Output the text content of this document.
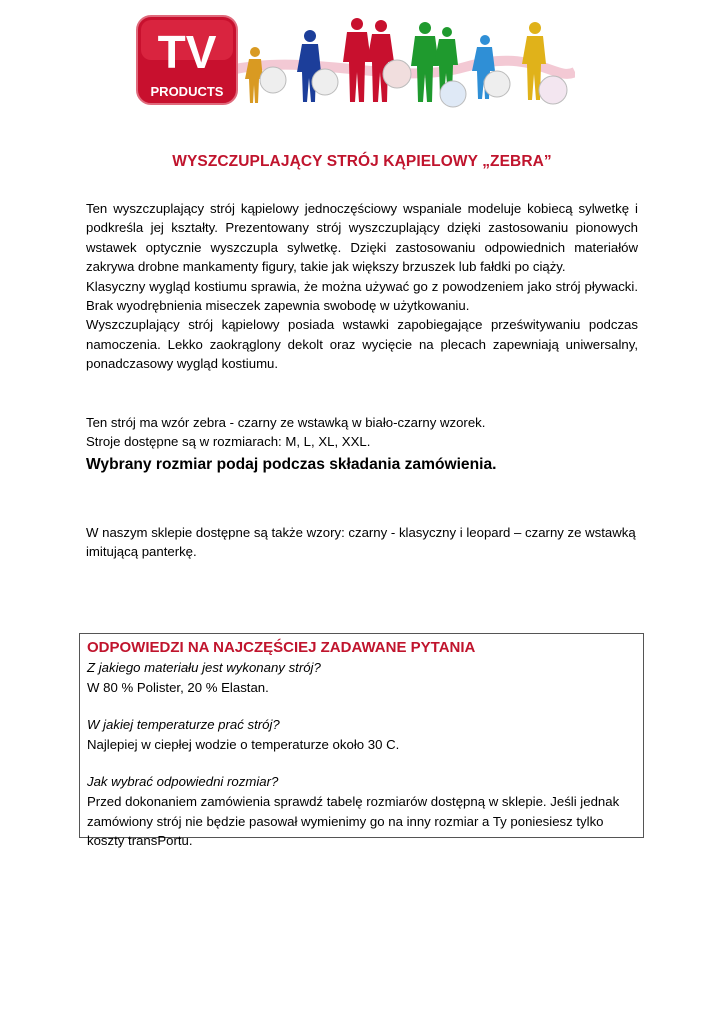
TV
PRODUCTS
WYSZCZUPLAJĄCY STRÓJ KĄPIELOWY „ZEBRA”

Ten wyszczuplający strój kąpielowy jednoczęściowy wspaniale modeluje kobiecą sylwetkę i podkreśla jej kształty. Prezentowany strój wyszczuplający dzięki zastosowaniu pionowych wstawek optycznie wyszczupla sylwetkę. Dzięki zastosowaniu odpowiednich materiałów zakrywa drobne mankamenty figury, takie jak większy brzuszek lub fałdki po ciąży.

Klasyczny wygląd kostiumu sprawia, że można używać go z powodzeniem jako strój pływacki. Brak wyodrębnienia miseczek zapewnia swobodę w użytkowaniu.

Wyszczuplający strój kąpielowy posiada wstawki zapobiegające prześwitywaniu podczas namoczenia. Lekko zaokrąglony dekolt oraz wycięcie na plecach zapewniają uniwersalny, ponadczasowy wygląd kostiumu.

Ten strój ma wzór zebra - czarny ze wstawką w biało-czarny wzorek.

Stroje dostępne są w rozmiarach: M, L, XL, XXL.

Wybrany rozmiar podaj podczas składania zamówienia.

W naszym sklepie dostępne są także wzory: czarny - klasyczny i leopard – czarny ze wstawką imitującą panterkę.

ODPOWIEDZI NA NAJCZĘŚCIEJ ZADAWANE PYTANIA

Z jakiego materiału jest wykonany strój?

W 80 % Polister, 20 % Elastan.

W jakiej temperaturze prać strój?

Najlepiej w ciepłej wodzie o temperaturze około 30 C.

Jak wybrać odpowiedni rozmiar?

Przed dokonaniem zamówienia sprawdź tabelę rozmiarów dostępną w sklepie. Jeśli jednak zamówiony strój nie będzie pasował wymienimy go na inny rozmiar a Ty poniesiesz tylko koszty transPortu.
